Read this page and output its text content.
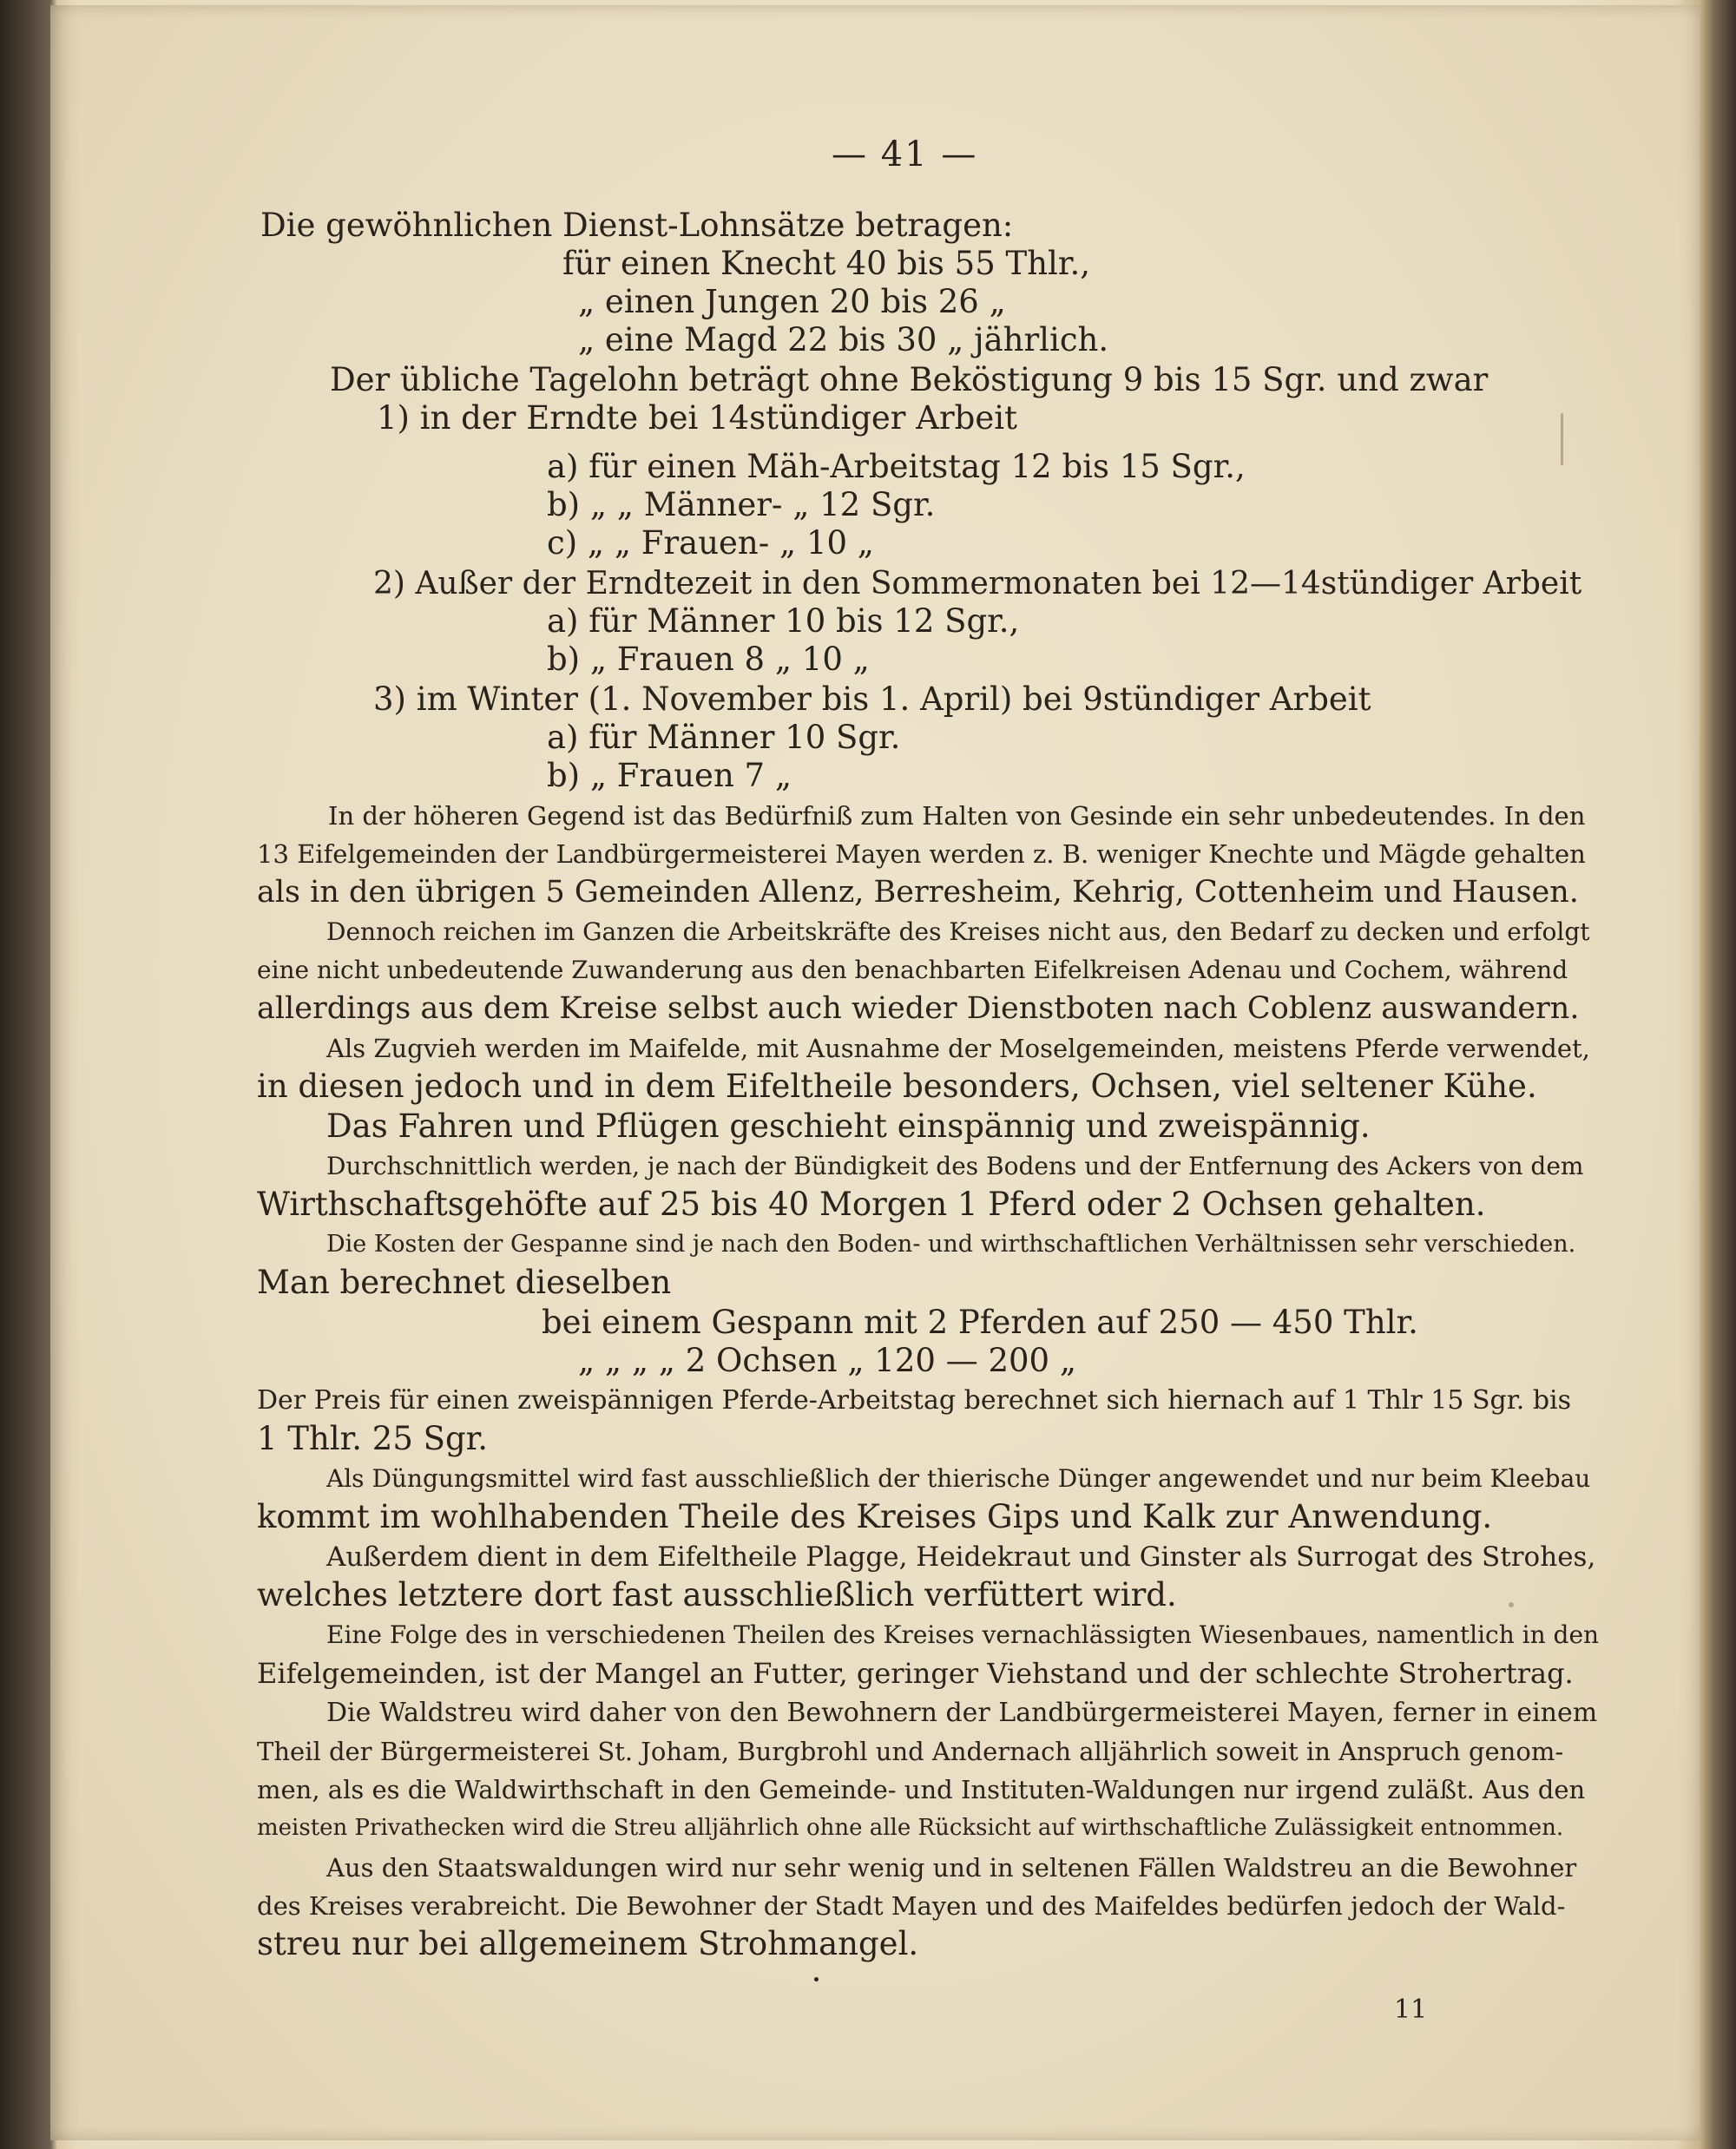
— 41 —
Die gewöhnlichen Dienst-Lohnsätze betragen:
für einen Knecht 40 bis 55 Thlr.,
„ einen Jungen 20 bis 26 „
„ eine Magd 22 bis 30 „ jährlich.
Der übliche Tagelohn beträgt ohne Beköstigung 9 bis 15 Sgr. und zwar
1) in der Erndte bei 14stündiger Arbeit
a) für einen Mäh-Arbeitstag 12 bis 15 Sgr.,
b) „ „ Männer- „ 12 Sgr.
c) „ „ Frauen- „ 10 „
2) Außer der Erndtezeit in den Sommermonaten bei 12—14stündiger Arbeit
a) für Männer 10 bis 12 Sgr.,
b) „ Frauen 8 „ 10 „
3) im Winter (1. November bis 1. April) bei 9stündiger Arbeit
a) für Männer 10 Sgr.
b) „ Frauen 7 „
In der höheren Gegend ist das Bedürfniß zum Halten von Gesinde ein sehr unbedeutendes. In den
13 Eifelgemeinden der Landbürgermeisterei Mayen werden z. B. weniger Knechte und Mägde gehalten
als in den übrigen 5 Gemeinden Allenz, Berresheim, Kehrig, Cottenheim und Hausen.
Dennoch reichen im Ganzen die Arbeitskräfte des Kreises nicht aus, den Bedarf zu decken und erfolgt
eine nicht unbedeutende Zuwanderung aus den benachbarten Eifelkreisen Adenau und Cochem, während
allerdings aus dem Kreise selbst auch wieder Dienstboten nach Coblenz auswandern.
Als Zugvieh werden im Maifelde, mit Ausnahme der Moselgemeinden, meistens Pferde verwendet,
in diesen jedoch und in dem Eifeltheile besonders, Ochsen, viel seltener Kühe.
Das Fahren und Pflügen geschieht einspännig und zweispännig.
Durchschnittlich werden, je nach der Bündigkeit des Bodens und der Entfernung des Ackers von dem
Wirthschaftsgehöfte auf 25 bis 40 Morgen 1 Pferd oder 2 Ochsen gehalten.
Die Kosten der Gespanne sind je nach den Boden- und wirthschaftlichen Verhältnissen sehr verschieden.
Man berechnet dieselben
bei einem Gespann mit 2 Pferden auf 250 — 450 Thlr.
„ „ „ „ 2 Ochsen „ 120 — 200 „
Der Preis für einen zweispännigen Pferde-Arbeitstag berechnet sich hiernach auf 1 Thlr 15 Sgr. bis
1 Thlr. 25 Sgr.
Als Düngungsmittel wird fast ausschließlich der thierische Dünger angewendet und nur beim Kleebau
kommt im wohlhabenden Theile des Kreises Gips und Kalk zur Anwendung.
Außerdem dient in dem Eifeltheile Plagge, Heidekraut und Ginster als Surrogat des Strohes,
welches letztere dort fast ausschließlich verfüttert wird.
Eine Folge des in verschiedenen Theilen des Kreises vernachlässigten Wiesenbaues, namentlich in den
Eifelgemeinden, ist der Mangel an Futter, geringer Viehstand und der schlechte Strohertrag.
Die Waldstreu wird daher von den Bewohnern der Landbürgermeisterei Mayen, ferner in einem
Theil der Bürgermeisterei St. Joham, Burgbrohl und Andernach alljährlich soweit in Anspruch genom-
men, als es die Waldwirthschaft in den Gemeinde- und Instituten-Waldungen nur irgend zuläßt. Aus den
meisten Privathecken wird die Streu alljährlich ohne alle Rücksicht auf wirthschaftliche Zulässigkeit entnommen.
Aus den Staatswaldungen wird nur sehr wenig und in seltenen Fällen Waldstreu an die Bewohner
des Kreises verabreicht. Die Bewohner der Stadt Mayen und des Maifeldes bedürfen jedoch der Wald-
streu nur bei allgemeinem Strohmangel.
11
